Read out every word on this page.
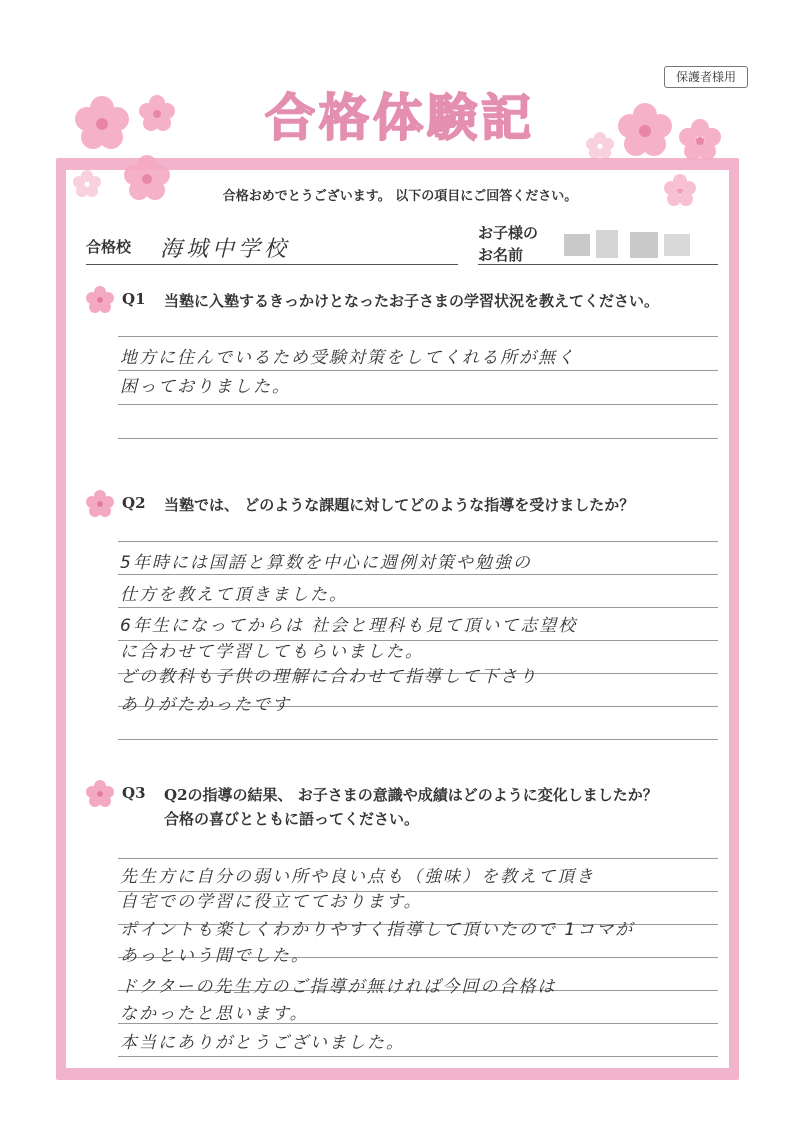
保護者様用
合格体験記
合格おめでとうございます。 以下の項目にご回答ください。
合格校 海城中学校
お子様の
お名前
Q1 当塾に入塾するきっかけとなったお子さまの学習状況を教えてください。
地方に住んでいるため受験対策をしてくれる所が無く
困っておりました。
Q2 当塾では、 どのような課題に対してどのような指導を受けましたか？
5年時には国語と算数を中心に週例対策や勉強の
仕方を教えて頂きました。
6年生になってからは 社会と理科も見て頂いて志望校
に合わせて学習してもらいました。
どの教科も子供の理解に合わせて指導して下さり
ありがたかったです
Q3 Q2の指導の結果、 お子さまの意識や成績はどのように変化しましたか？
合格の喜びとともに語ってください。
先生方に自分の弱い所や良い点も（強味）を教えて頂き
自宅での学習に役立てております。
ポイントも楽しくわかりやすく指導して頂いたので 1コマが
あっという間でした。
ドクターの先生方のご指導が無ければ今回の合格は
なかったと思います。
本当にありがとうございました。
